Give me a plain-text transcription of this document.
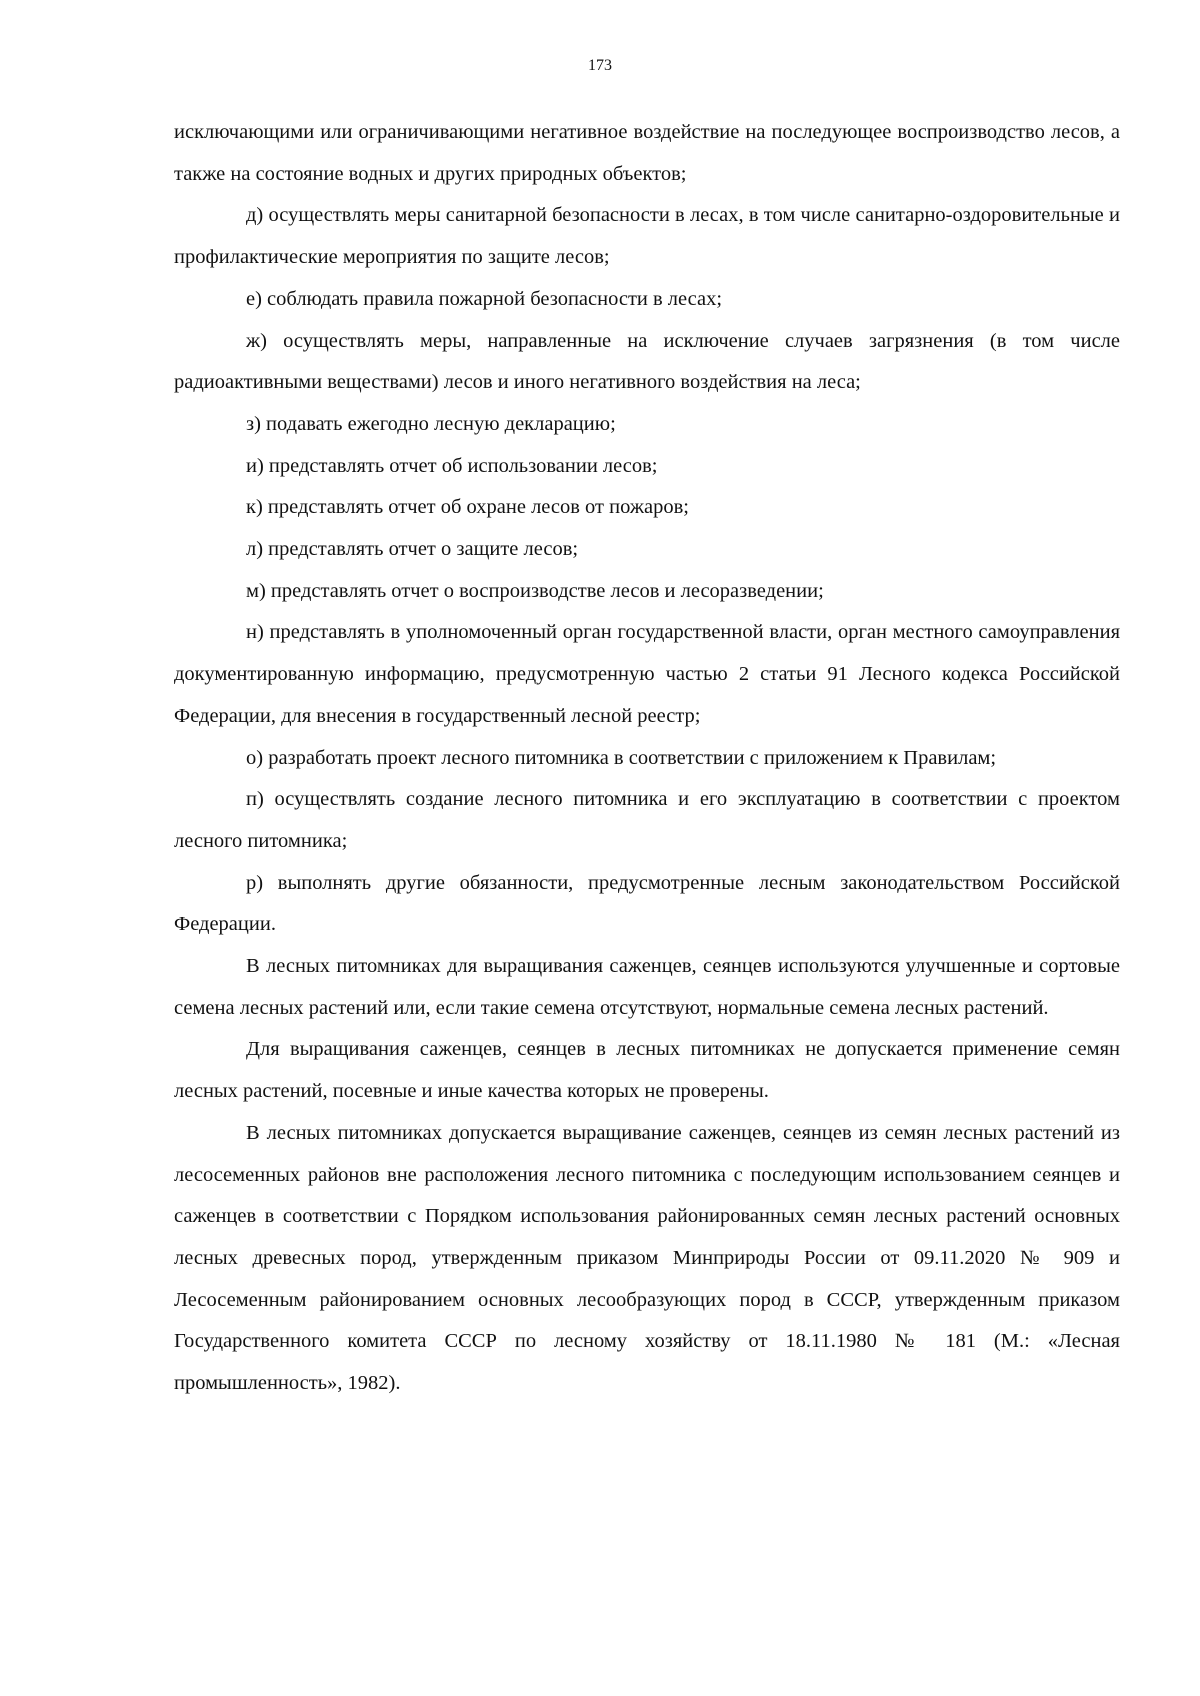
173

исключающими или ограничивающими негативное воздействие на последующее воспроизводство лесов, а также на состояние водных и других природных объектов;

д) осуществлять меры санитарной безопасности в лесах, в том числе санитарно-оздоровительные и профилактические мероприятия по защите лесов;

е) соблюдать правила пожарной безопасности в лесах;

ж) осуществлять меры, направленные на исключение случаев загрязнения (в том числе радиоактивными веществами) лесов и иного негативного воздействия на леса;

з) подавать ежегодно лесную декларацию;

и) представлять отчет об использовании лесов;

к) представлять отчет об охране лесов от пожаров;

л) представлять отчет о защите лесов;

м) представлять отчет о воспроизводстве лесов и лесоразведении;

н) представлять в уполномоченный орган государственной власти, орган местного самоуправления документированную информацию, предусмотренную частью 2 статьи 91 Лесного кодекса Российской Федерации, для внесения в государственный лесной реестр;

о) разработать проект лесного питомника в соответствии с приложением к Правилам;

п) осуществлять создание лесного питомника и его эксплуатацию в соответствии с проектом лесного питомника;

р) выполнять другие обязанности, предусмотренные лесным законодательством Российской Федерации.

В лесных питомниках для выращивания саженцев, сеянцев используются улучшенные и сортовые семена лесных растений или, если такие семена отсутствуют, нормальные семена лесных растений.

Для выращивания саженцев, сеянцев в лесных питомниках не допускается применение семян лесных растений, посевные и иные качества которых не проверены.

В лесных питомниках допускается выращивание саженцев, сеянцев из семян лесных растений из лесосеменных районов вне расположения лесного питомника с последующим использованием сеянцев и саженцев в соответствии с Порядком использования районированных семян лесных растений основных лесных древесных пород, утвержденным приказом Минприроды России от 09.11.2020 № 909 и Лесосеменным районированием основных лесообразующих пород в СССР, утвержденным приказом Государственного комитета СССР по лесному хозяйству от 18.11.1980 № 181 (М.: «Лесная промышленность», 1982).
